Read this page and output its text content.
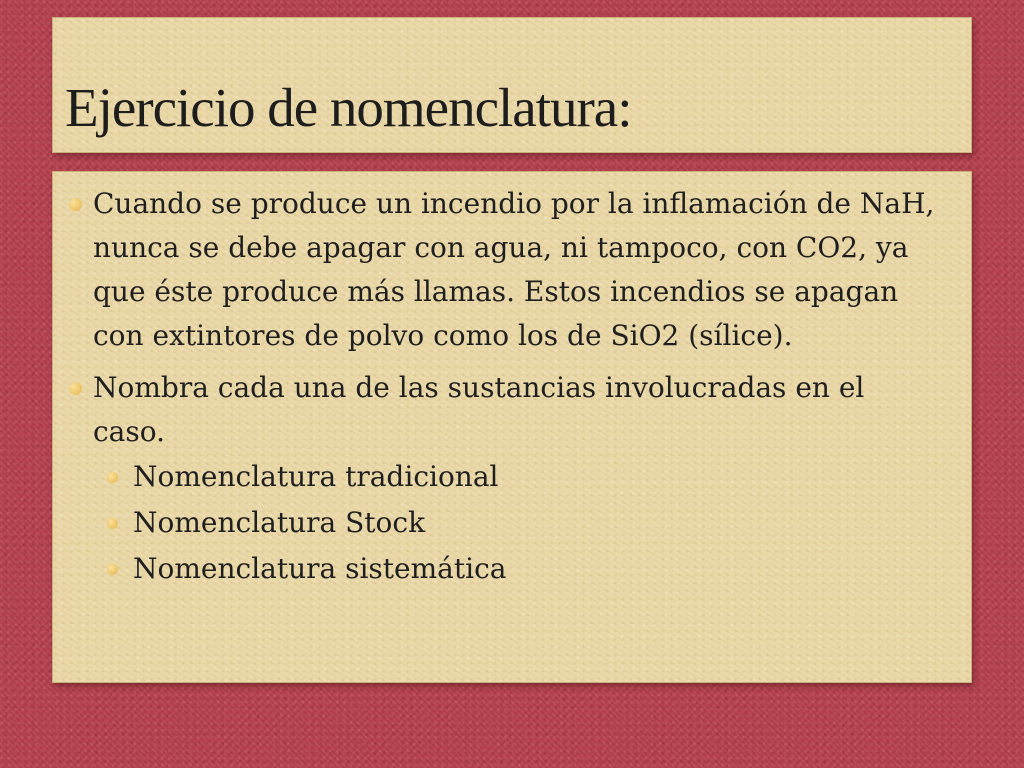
Ejercicio de nomenclatura:
Cuando se produce un incendio por la inflamación de NaH, nunca se debe apagar con agua, ni tampoco, con CO2, ya que éste produce más llamas. Estos incendios se apagan con extintores de polvo como los de SiO2 (sílice).
Nombra cada una de las sustancias involucradas en el caso.
Nomenclatura tradicional
Nomenclatura Stock
Nomenclatura sistemática
